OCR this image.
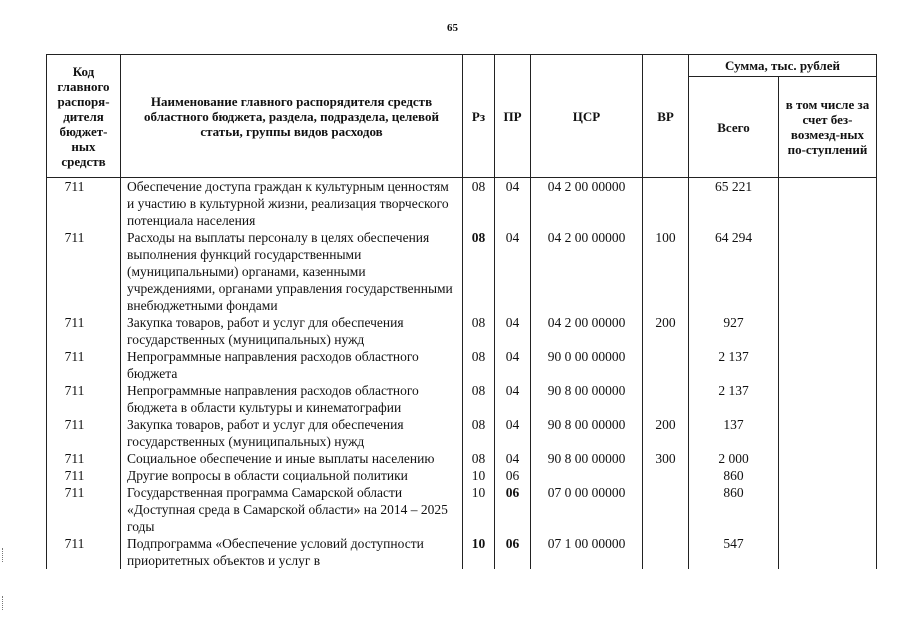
65
Код главного распоря-дителя бюджет-ных средств	Наименование главного распорядителя средств областного бюджета, раздела, подраздела, целевой статьи, группы видов расходов	Рз	ПР	ЦСР	ВР	Сумма, тыс. рублей	
						Всего	в том числе за счет без-возмезд-ных по-ступлений
711	Обеспечение доступа граждан к культурным ценностям и участию в культурной жизни, реализация творческого потенциала населения	08	04	04 2 00 00000		65 221	
711	Расходы на выплаты персоналу в целях обеспечения выполнения функций государственными (муниципальными) органами, казенными учреждениями, органами управления государственными внебюджетными фондами	08	04	04 2 00 00000	100	64 294	
711	Закупка товаров, работ и услуг для обеспечения государственных (муниципальных) нужд	08	04	04 2 00 00000	200	927	
711	Непрограммные направления расходов областного бюджета	08	04	90 0 00 00000		2 137	
711	Непрограммные направления расходов областного бюджета в области культуры и кинематографии	08	04	90 8 00 00000		2 137	
711	Закупка товаров, работ и услуг для обеспечения государственных (муниципальных) нужд	08	04	90 8 00 00000	200	137	
711	Социальное обеспечение и иные выплаты населению	08	04	90 8 00 00000	300	2 000	
711	Другие вопросы в области социальной политики	10	06			860	
711	Государственная программа Самарской области «Доступная среда в Самарской области» на 2014 – 2025 годы	10	06	07 0 00 00000		860	
711	Подпрограмма «Обеспечение условий доступности приоритетных объектов и услуг в	10	06	07 1 00 00000		547	
